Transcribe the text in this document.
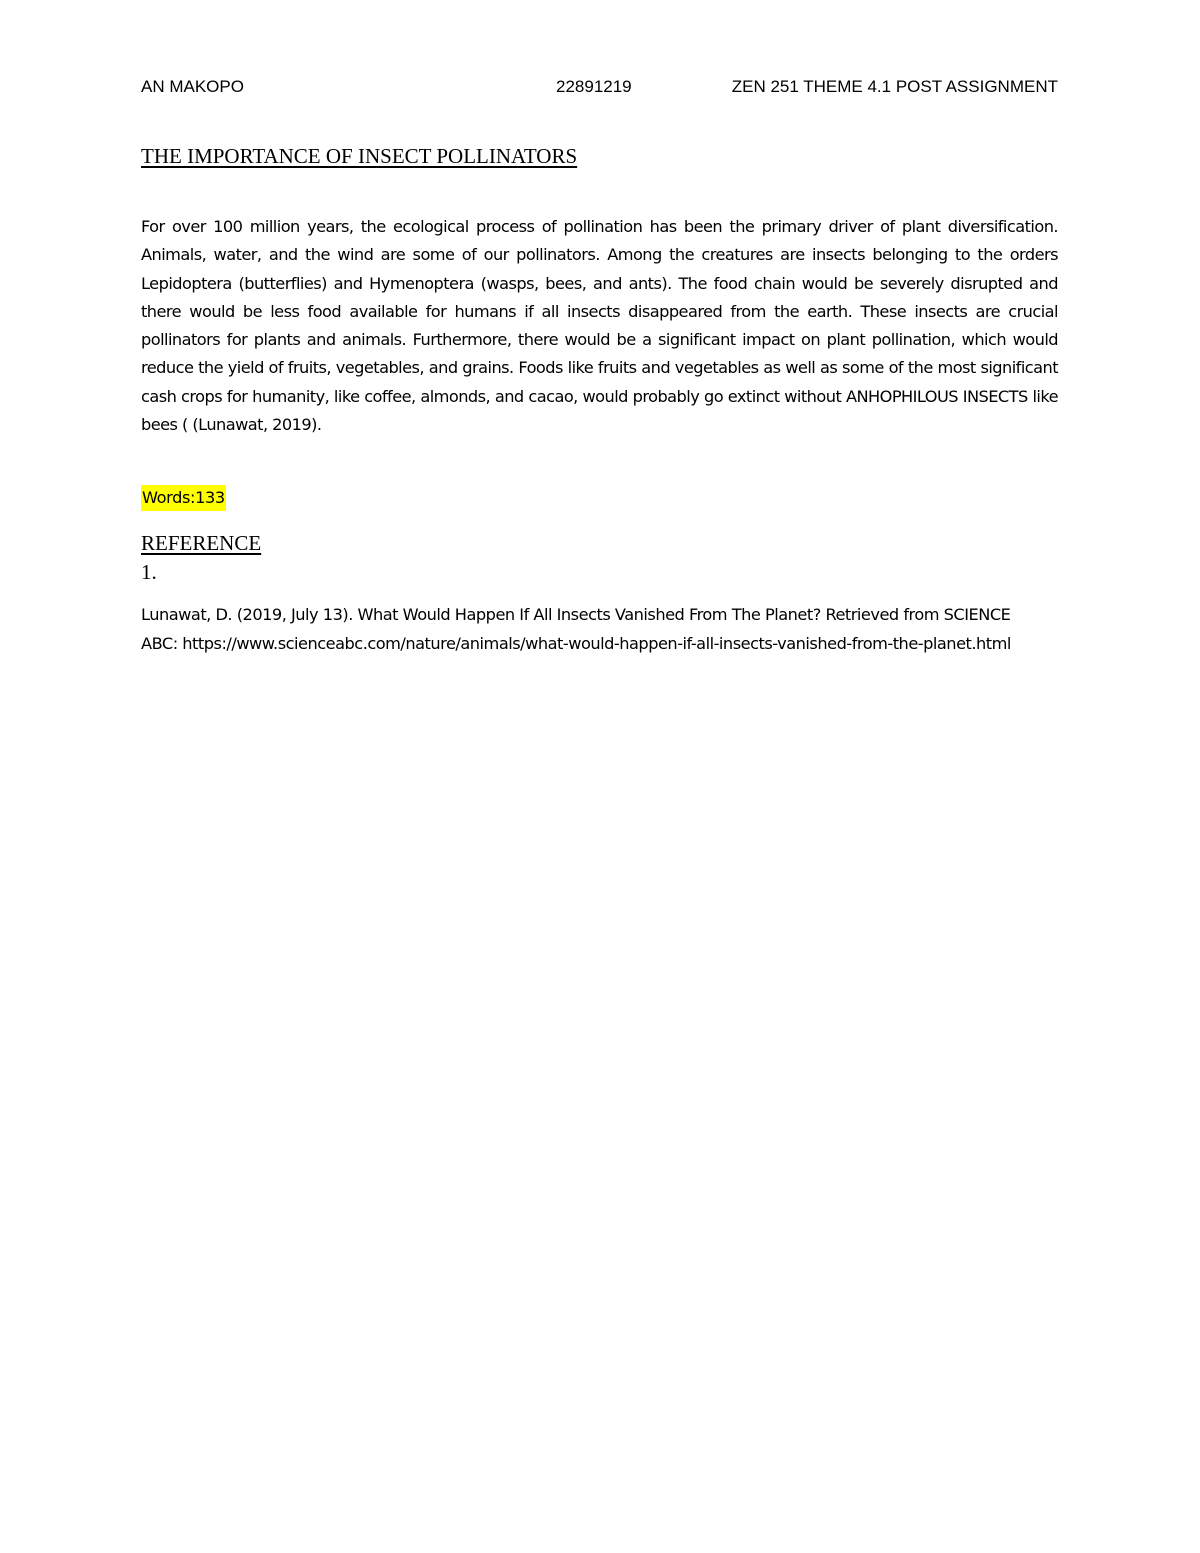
AN MAKOPO	22891219	ZEN 251 THEME 4.1 POST ASSIGNMENT
THE IMPORTANCE OF INSECT POLLINATORS

For over 100 million years, the ecological process of pollination has been the primary driver of plant diversification. Animals, water, and the wind are some of our pollinators. Among the creatures are insects belonging to the orders Lepidoptera (butterflies) and Hymenoptera (wasps, bees, and ants). The food chain would be severely disrupted and there would be less food available for humans if all insects disappeared from the earth. These insects are crucial pollinators for plants and animals. Furthermore, there would be a significant impact on plant pollination, which would reduce the yield of fruits, vegetables, and grains. Foods like fruits and vegetables as well as some of the most significant cash crops for humanity, like coffee, almonds, and cacao, would probably go extinct without ANHOPHILOUS INSECTS like bees ( (Lunawat, 2019).

Words:133
REFERENCE
1.

Lunawat, D. (2019, July 13). What Would Happen If All Insects Vanished From The Planet? Retrieved from SCIENCE ABC: https://www.scienceabc.com/nature/animals/what-would-happen-if-all-insects-vanished-from-the-planet.html
